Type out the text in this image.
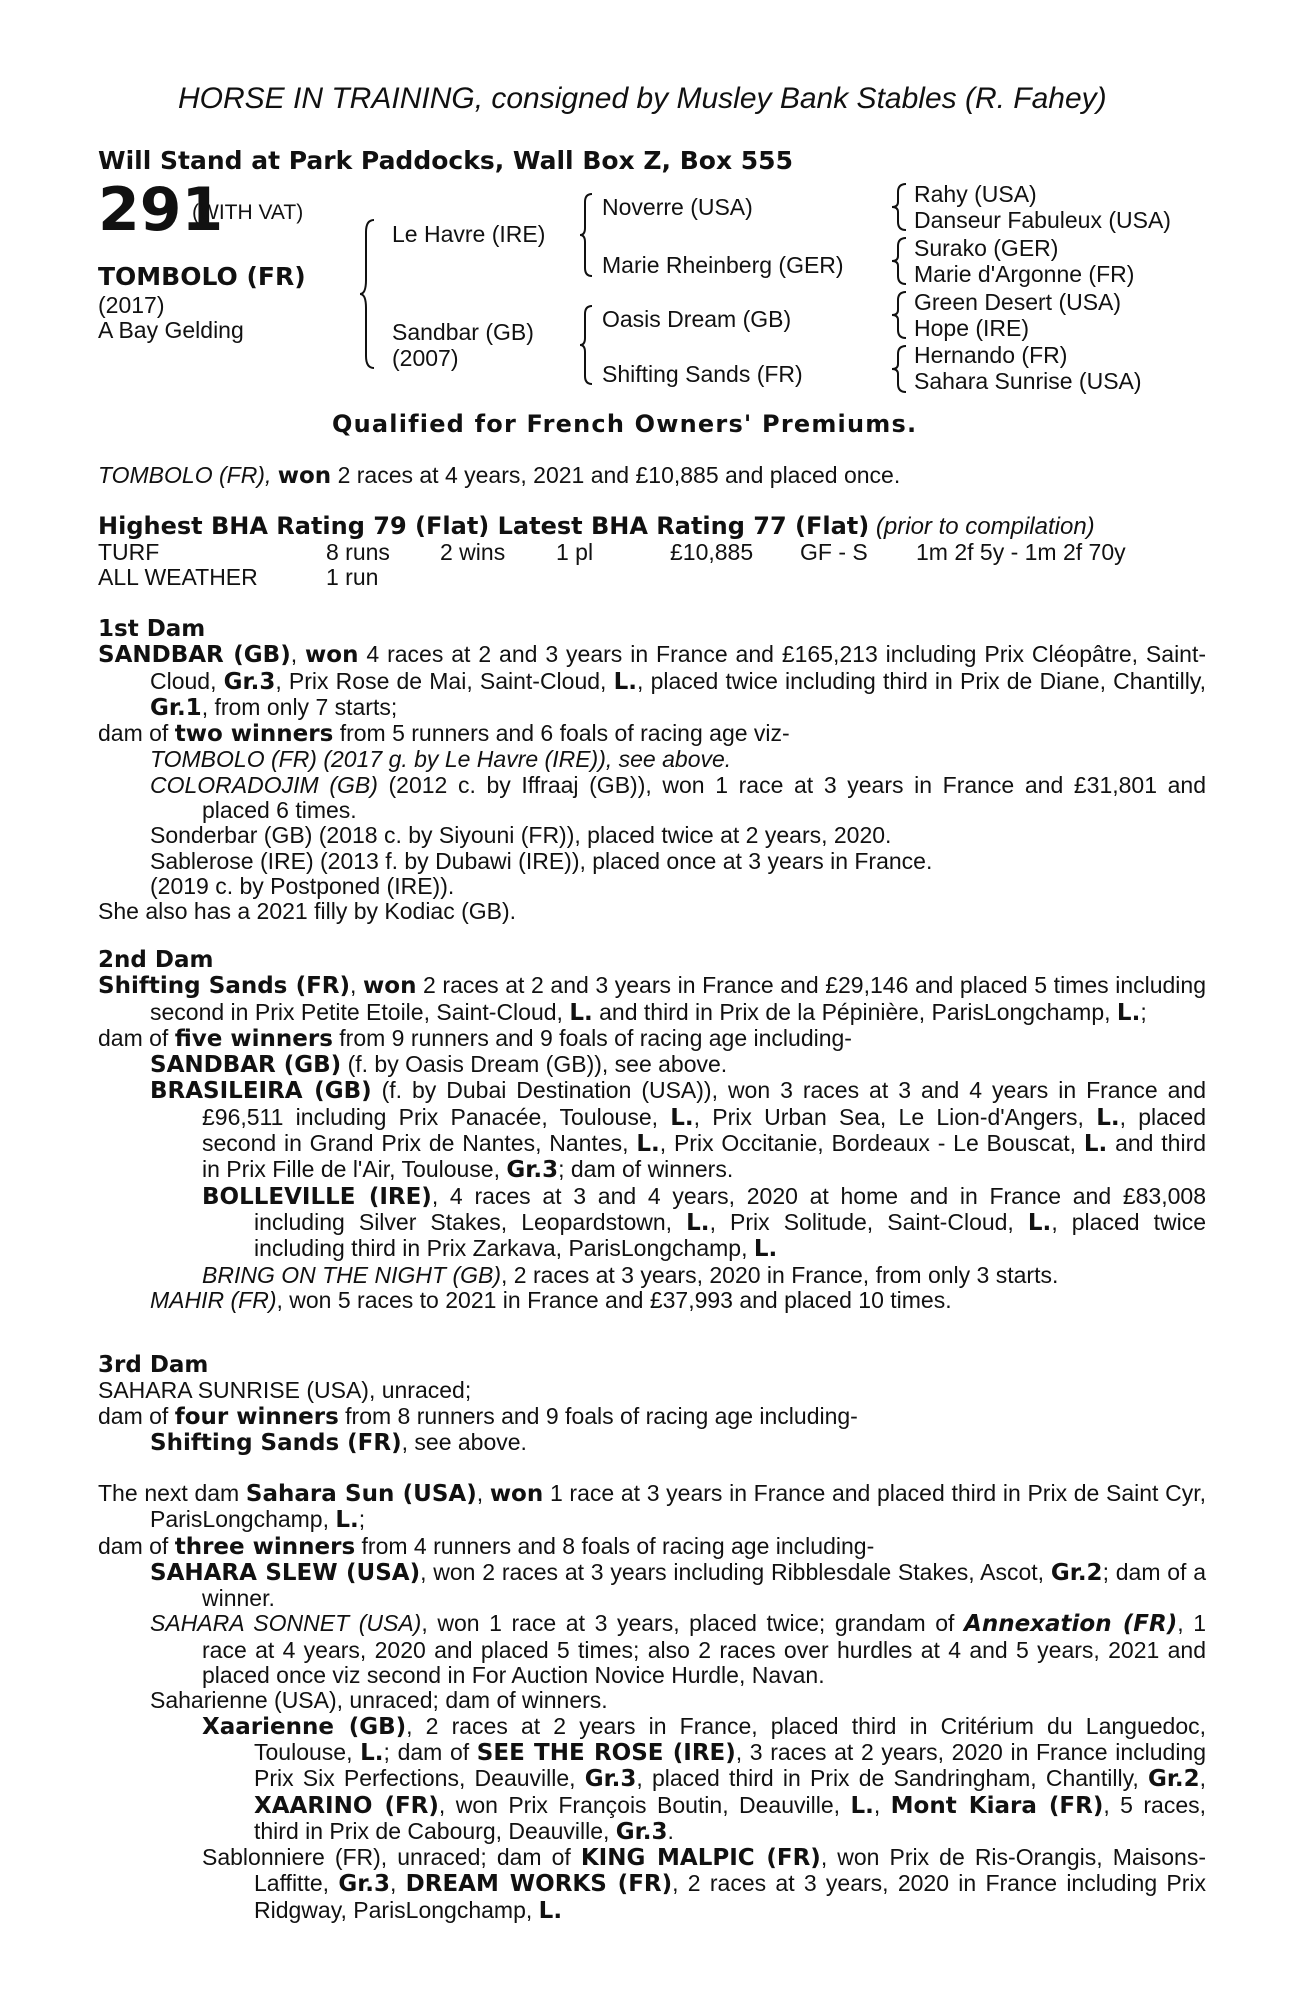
HORSE IN TRAINING, consigned by Musley Bank Stables (R. Fahey)
Will Stand at Park Paddocks, Wall Box Z, Box 555
291
(WITH VAT)
TOMBOLO (FR)
(2017)
A Bay Gelding
Le Havre (IRE)
Sandbar (GB)
(2007)
Noverre (USA)
Marie Rheinberg (GER)
Oasis Dream (GB)
Shifting Sands (FR)
Rahy (USA)
Danseur Fabuleux (USA)
Surako (GER)
Marie d'Argonne (FR)
Green Desert (USA)
Hope (IRE)
Hernando (FR)
Sahara Sunrise (USA)
Qualified for French Owners' Premiums.
TOMBOLO (FR), won 2 races at 4 years, 2021 and £10,885 and placed once.
Highest BHA Rating 79 (Flat) Latest BHA Rating 77 (Flat) (prior to compilation)
TURF	8 runs 2 wins 1 pl	£10,885 GF - S 1m 2f 5y - 1m 2f 70y
ALL WEATHER	1 run
1st Dam

SANDBAR (GB), won 4 races at 2 and 3 years in France and £165,213 including Prix Cléopâtre, Saint-Cloud, Gr.3, Prix Rose de Mai, Saint-Cloud, L., placed twice including third in Prix de Diane, Chantilly, Gr.1, from only 7 starts;

dam of two winners from 5 runners and 6 foals of racing age viz-

TOMBOLO (FR) (2017 g. by Le Havre (IRE)), see above.

COLORADOJIM (GB) (2012 c. by Iffraaj (GB)), won 1 race at 3 years in France and £31,801 and placed 6 times.

Sonderbar (GB) (2018 c. by Siyouni (FR)), placed twice at 2 years, 2020.

Sablerose (IRE) (2013 f. by Dubawi (IRE)), placed once at 3 years in France.

(2019 c. by Postponed (IRE)).

She also has a 2021 filly by Kodiac (GB).

2nd Dam

Shifting Sands (FR), won 2 races at 2 and 3 years in France and £29,146 and placed 5 times including second in Prix Petite Etoile, Saint-Cloud, L. and third in Prix de la Pépinière, ParisLongchamp, L.;

dam of five winners from 9 runners and 9 foals of racing age including-

SANDBAR (GB) (f. by Oasis Dream (GB)), see above.

BRASILEIRA (GB) (f. by Dubai Destination (USA)), won 3 races at 3 and 4 years in France and £96,511 including Prix Panacée, Toulouse, L., Prix Urban Sea, Le Lion-d'Angers, L., placed second in Grand Prix de Nantes, Nantes, L., Prix Occitanie, Bordeaux - Le Bouscat, L. and third in Prix Fille de l'Air, Toulouse, Gr.3; dam of winners.

BOLLEVILLE (IRE), 4 races at 3 and 4 years, 2020 at home and in France and £83,008 including Silver Stakes, Leopardstown, L., Prix Solitude, Saint-Cloud, L., placed twice including third in Prix Zarkava, ParisLongchamp, L.

BRING ON THE NIGHT (GB), 2 races at 3 years, 2020 in France, from only 3 starts.

MAHIR (FR), won 5 races to 2021 in France and £37,993 and placed 10 times.

3rd Dam

SAHARA SUNRISE (USA), unraced;

dam of four winners from 8 runners and 9 foals of racing age including-

Shifting Sands (FR), see above.

The next dam Sahara Sun (USA), won 1 race at 3 years in France and placed third in Prix de Saint Cyr, ParisLongchamp, L.;

dam of three winners from 4 runners and 8 foals of racing age including-

SAHARA SLEW (USA), won 2 races at 3 years including Ribblesdale Stakes, Ascot, Gr.2; dam of a winner.

SAHARA SONNET (USA), won 1 race at 3 years, placed twice; grandam of Annexation (FR), 1 race at 4 years, 2020 and placed 5 times; also 2 races over hurdles at 4 and 5 years, 2021 and placed once viz second in For Auction Novice Hurdle, Navan.

Saharienne (USA), unraced; dam of winners.

Xaarienne (GB), 2 races at 2 years in France, placed third in Critérium du Languedoc, Toulouse, L.; dam of SEE THE ROSE (IRE), 3 races at 2 years, 2020 in France including Prix Six Perfections, Deauville, Gr.3, placed third in Prix de Sandringham, Chantilly, Gr.2, XAARINO (FR), won Prix François Boutin, Deauville, L., Mont Kiara (FR), 5 races, third in Prix de Cabourg, Deauville, Gr.3.

Sablonniere (FR), unraced; dam of KING MALPIC (FR), won Prix de Ris-Orangis, Maisons-Laffitte, Gr.3, DREAM WORKS (FR), 2 races at 3 years, 2020 in France including Prix Ridgway, ParisLongchamp, L.
